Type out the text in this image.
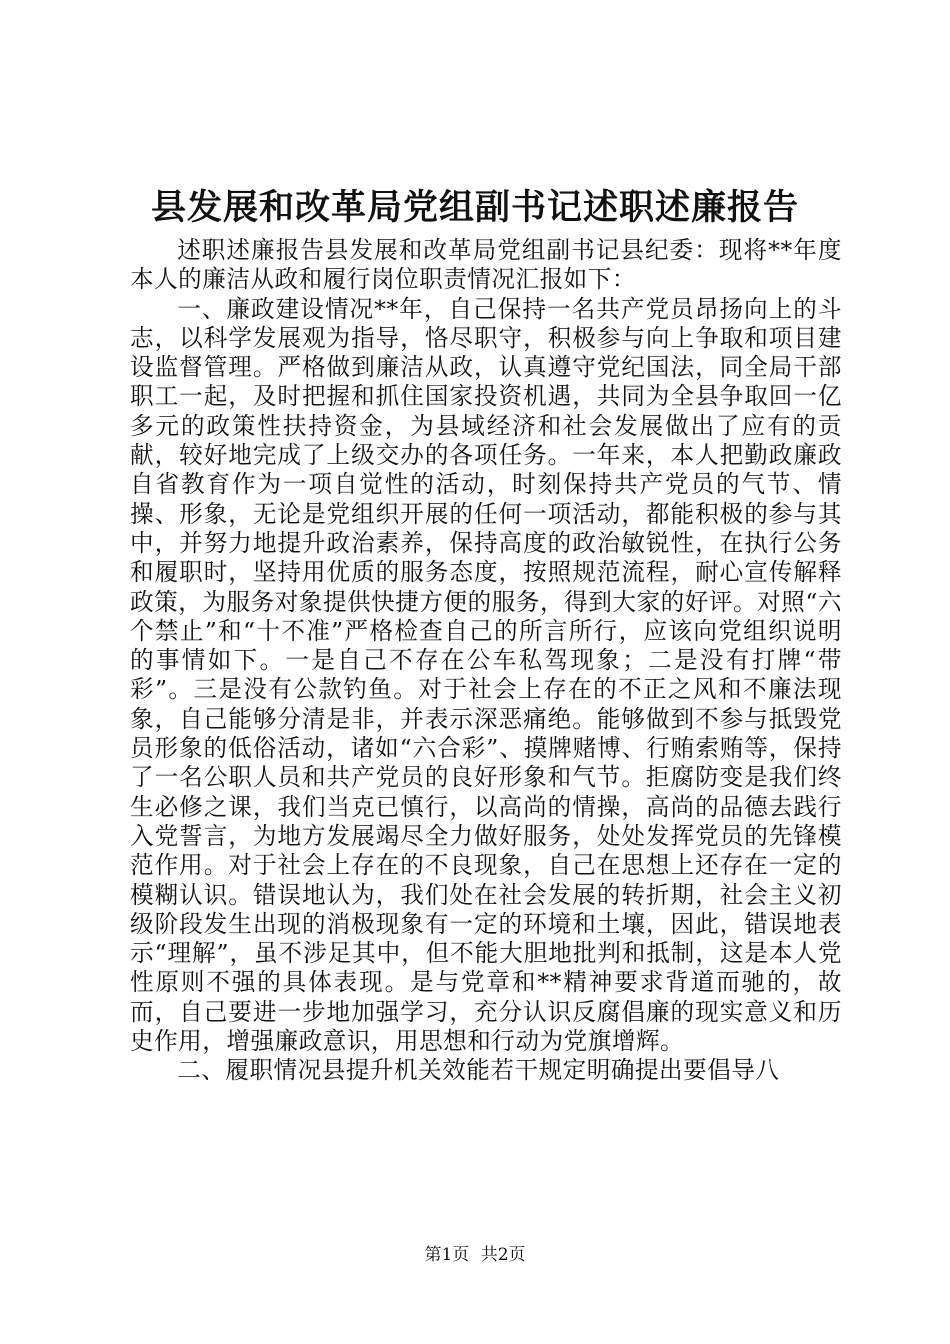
县发展和改革局党组副书记述职述廉报告

述职述廉报告县发展和改革局党组副书记县纪委：现将**年度本人的廉洁从政和履行岗位职责情况汇报如下：

一、廉政建设情况**年，自己保持一名共产党员昂扬向上的斗志，以科学发展观为指导，恪尽职守，积极参与向上争取和项目建设监督管理。严格做到廉洁从政，认真遵守党纪国法，同全局干部职工一起，及时把握和抓住国家投资机遇，共同为全县争取回一亿多元的政策性扶持资金，为县域经济和社会发展做出了应有的贡献，较好地完成了上级交办的各项任务。一年来，本人把勤政廉政自省教育作为一项自觉性的活动，时刻保持共产党员的气节、情操、形象，无论是党组织开展的任何一项活动，都能积极的参与其中，并努力地提升政治素养，保持高度的政治敏锐性，在执行公务和履职时，坚持用优质的服务态度，按照规范流程，耐心宣传解释政策，为服务对象提供快捷方便的服务，得到大家的好评。对照“六个禁止”和“十不准”严格检查自己的所言所行，应该向党组织说明的事情如下。一是自己不存在公车私驾现象；二是没有打牌“带彩”。三是没有公款钓鱼。对于社会上存在的不正之风和不廉法现象，自己能够分清是非，并表示深恶痛绝。能够做到不参与抵毁党员形象的低俗活动，诸如“六合彩”、摸牌赌博、行贿索贿等，保持了一名公职人员和共产党员的良好形象和气节。拒腐防变是我们终生必修之课，我们当克已慎行，以高尚的情操，高尚的品德去践行入党誓言，为地方发展竭尽全力做好服务，处处发挥党员的先锋模范作用。对于社会上存在的不良现象，自己在思想上还存在一定的模糊认识。错误地认为，我们处在社会发展的转折期，社会主义初级阶段发生出现的消极现象有一定的环境和土壤，因此，错误地表示“理解”，虽不涉足其中，但不能大胆地批判和抵制，这是本人党性原则不强的具体表现。是与党章和**精神要求背道而驰的，故而，自己要进一步地加强学习，充分认识反腐倡廉的现实意义和历史作用，增强廉政意识，用思想和行动为党旗增辉。

二、履职情况县提升机关效能若干规定明确提出要倡导八

第1页 共2页
